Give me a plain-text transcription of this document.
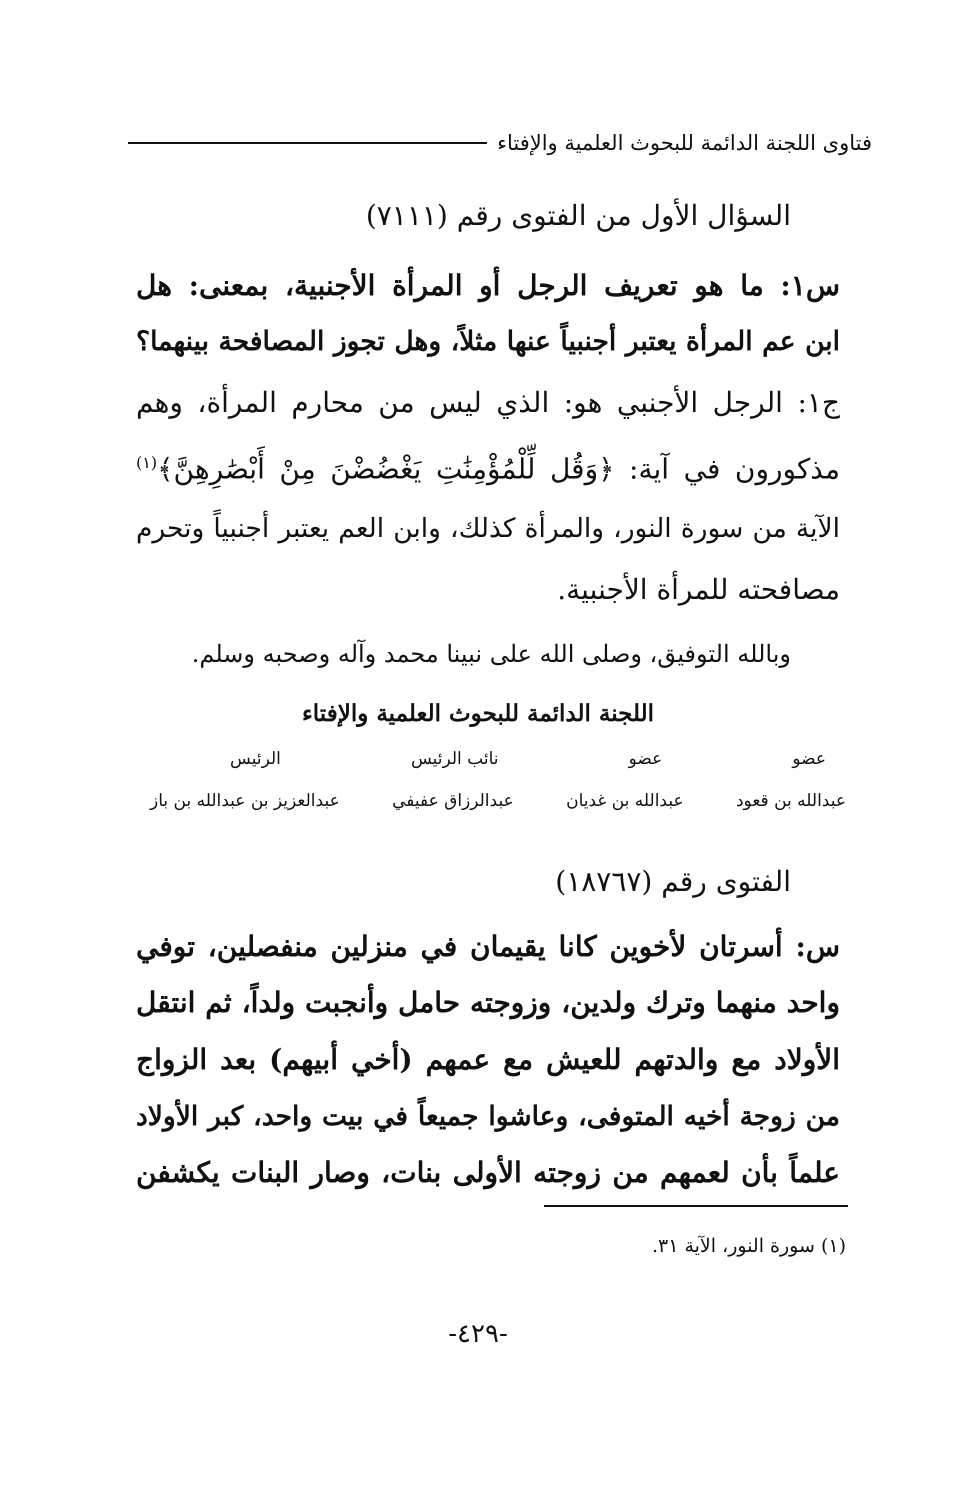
فتاوى اللجنة الدائمة للبحوث العلمية والإفتاء
السؤال الأول من الفتوى رقم (٧١١١)
س١: ما هو تعريف الرجل أو المرأة الأجنبية، بمعنى: هل
ابن عم المرأة يعتبر أجنبياً عنها مثلاً، وهل تجوز المصافحة بينهما؟
ج١: الرجل الأجنبي هو: الذي ليس من محارم المرأة، وهم
مذكورون في آية: ﴿وَقُل لِّلْمُؤْمِنَٰتِ يَغْضُضْنَ مِنْ أَبْصَٰرِهِنَّ﴾$^{(١)}$
الآية من سورة النور، والمرأة كذلك، وابن العم يعتبر أجنبياً وتحرم
مصافحته للمرأة الأجنبية.
وبالله التوفيق، وصلى الله على نبينا محمد وآله وصحبه وسلم.
اللجنة الدائمة للبحوث العلمية والإفتاء
عضو
عضو
نائب الرئيس
الرئيس
عبدالله بن قعود
عبدالله بن غديان
عبدالرزاق عفيفي
عبدالعزيز بن عبدالله بن باز
الفتوى رقم (١٨٧٦٧)
س: أسرتان لأخوين كانا يقيمان في منزلين منفصلين، توفي
واحد منهما وترك ولدين، وزوجته حامل وأنجبت ولداً، ثم انتقل
الأولاد مع والدتهم للعيش مع عمهم (أخي أبيهم) بعد الزواج
من زوجة أخيه المتوفى، وعاشوا جميعاً في بيت واحد، كبر الأولاد
علماً بأن لعمهم من زوجته الأولى بنات، وصار البنات يكشفن
(١) سورة النور، الآية ٣١.
-٤٢٩-
